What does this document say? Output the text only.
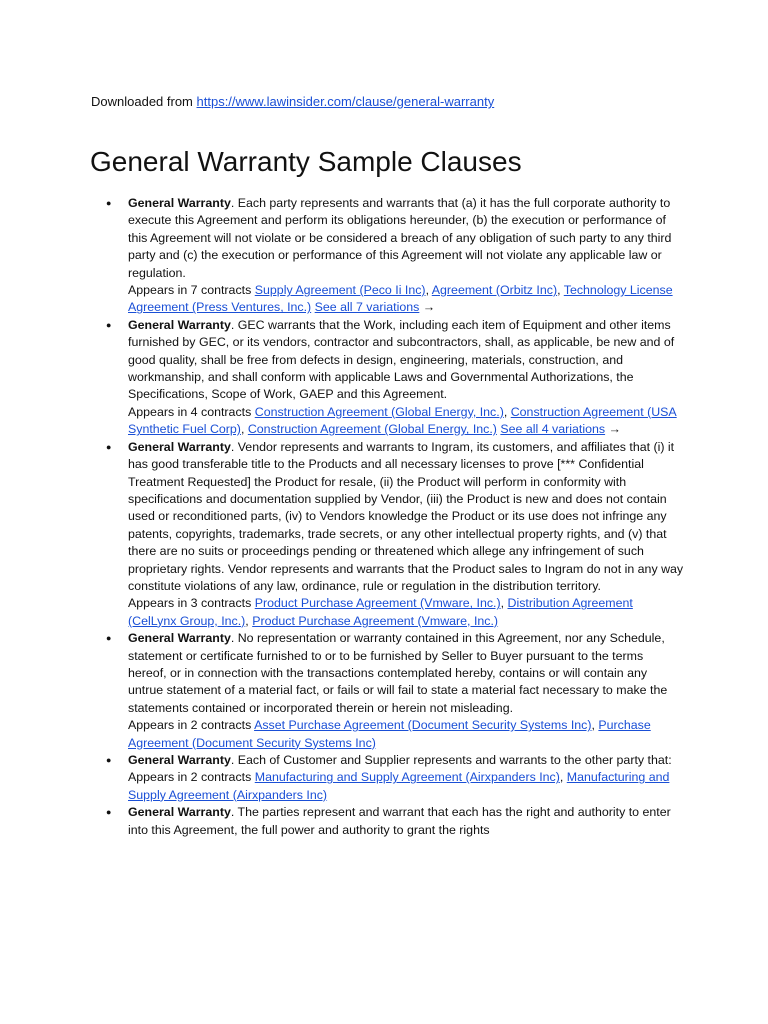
Downloaded from https://www.lawinsider.com/clause/general-warranty
General Warranty Sample Clauses
● General Warranty. Each party represents and warrants that (a) it has the full corporate authority to execute this Agreement and perform its obligations hereunder, (b) the execution or performance of this Agreement will not violate or be considered a breach of any obligation of such party to any third party and (c) the execution or performance of this Agreement will not violate any applicable law or regulation.
Appears in 7 contracts Supply Agreement (Peco Ii Inc), Agreement (Orbitz Inc), Technology License Agreement (Press Ventures, Inc.) See all 7 variations →
● General Warranty. GEC warrants that the Work, including each item of Equipment and other items furnished by GEC, or its vendors, contractor and subcontractors, shall, as applicable, be new and of good quality, shall be free from defects in design, engineering, materials, construction, and workmanship, and shall conform with applicable Laws and Governmental Authorizations, the Specifications, Scope of Work, GAEP and this Agreement.
Appears in 4 contracts Construction Agreement (Global Energy, Inc.), Construction Agreement (USA Synthetic Fuel Corp), Construction Agreement (Global Energy, Inc.) See all 4 variations →
● General Warranty. Vendor represents and warrants to Ingram, its customers, and affiliates that (i) it has good transferable title to the Products and all necessary licenses to prove [*** Confidential Treatment Requested] the Product for resale, (ii) the Product will perform in conformity with specifications and documentation supplied by Vendor, (iii) the Product is new and does not contain used or reconditioned parts, (iv) to Vendors knowledge the Product or its use does not infringe any patents, copyrights, trademarks, trade secrets, or any other intellectual property rights, and (v) that there are no suits or proceedings pending or threatened which allege any infringement of such proprietary rights. Vendor represents and warrants that the Product sales to Ingram do not in any way constitute violations of any law, ordinance, rule or regulation in the distribution territory.
Appears in 3 contracts Product Purchase Agreement (Vmware, Inc.), Distribution Agreement (CelLynx Group, Inc.), Product Purchase Agreement (Vmware, Inc.)
● General Warranty. No representation or warranty contained in this Agreement, nor any Schedule, statement or certificate furnished to or to be furnished by Seller to Buyer pursuant to the terms hereof, or in connection with the transactions contemplated hereby, contains or will contain any untrue statement of a material fact, or fails or will fail to state a material fact necessary to make the statements contained or incorporated therein or herein not misleading.
Appears in 2 contracts Asset Purchase Agreement (Document Security Systems Inc), Purchase Agreement (Document Security Systems Inc)
● General Warranty. Each of Customer and Supplier represents and warrants to the other party that:
Appears in 2 contracts Manufacturing and Supply Agreement (Airxpanders Inc), Manufacturing and Supply Agreement (Airxpanders Inc)
● General Warranty. The parties represent and warrant that each has the right and authority to enter into this Agreement, the full power and authority to grant the rights
